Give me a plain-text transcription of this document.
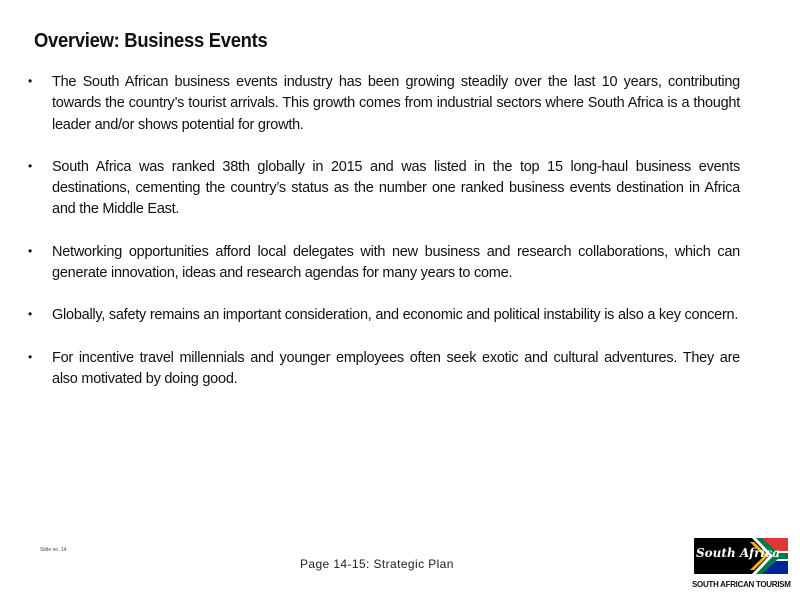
Overview: Business Events
• The South African business events industry has been growing steadily over the last 10 years, contributing towards the country’s tourist arrivals. This growth comes from industrial sectors where South Africa is a thought leader and/or shows potential for growth.
• South Africa was ranked 38th globally in 2015 and was listed in the top 15 long-haul business events destinations, cementing the country’s status as the number one ranked business events destination in Africa and the Middle East.
• Networking opportunities afford local delegates with new business and research collaborations, which can generate innovation, ideas and research agendas for many years to come.
• Globally, safety remains an important consideration, and economic and political instability is also a key concern.
• For incentive travel millennials and younger employees often seek exotic and cultural adventures. They are also motivated by doing good.
Slide no. 14
Page 14-15: Strategic Plan
South Africa
SOUTH AFRICAN TOURISM
